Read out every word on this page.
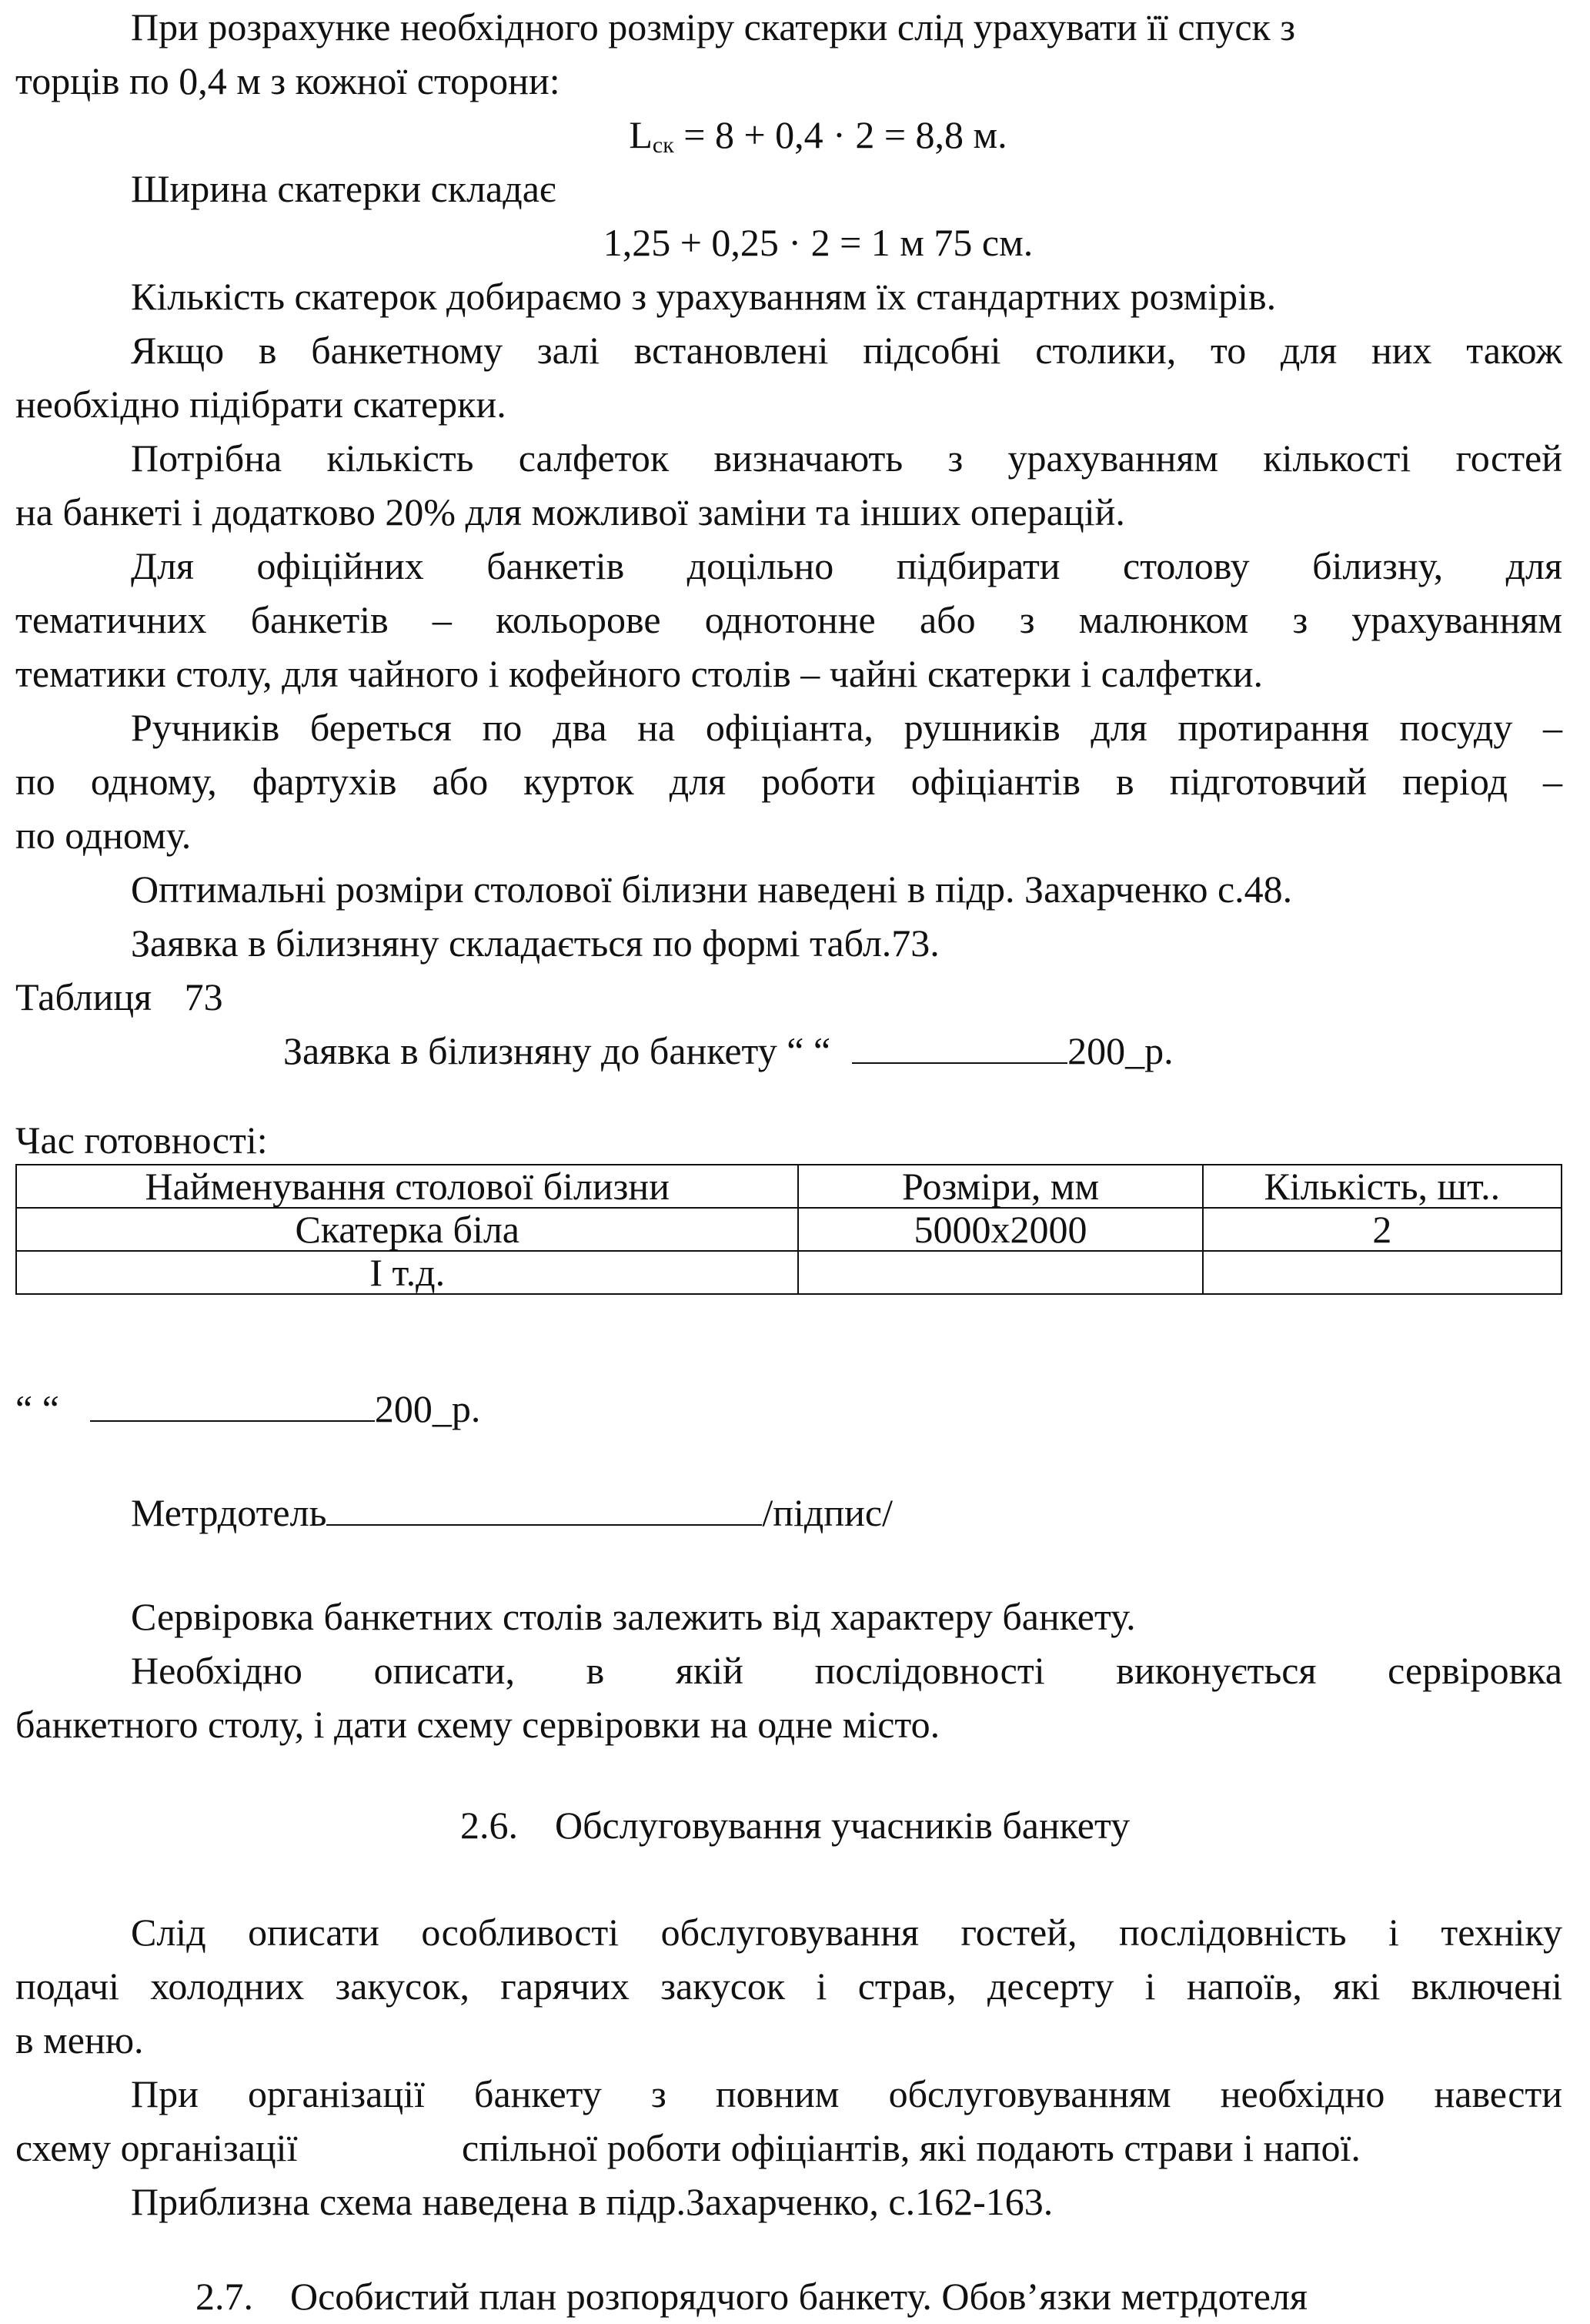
При розрахунке необхідного розміру скатерки слід урахувати її спуск з
торців по 0,4 м з кожної сторони:
$L_{ск} = 8 + 0,4 \cdot 2 = 8,8$ м.
Ширина скатерки складає
1,25 + 0,25 · 2 = 1 м 75 см.
Кількість скатерок добираємо з урахуванням їх стандартних розмірів.
Якщо в банкетному залі встановлені підсобні столики, то для них також
необхідно підібрати скатерки.
Потрібна кількість салфеток визначають з урахуванням кількості гостей
на банкеті і додатково 20% для можливої заміни та інших операцій.
Для офіційних банкетів доцільно підбирати столову білизну, для
тематичних банкетів – кольорове однотонне або з малюнком з урахуванням
тематики столу, для чайного і кофейного столів – чайні скатерки і салфетки.
Ручників береться по два на офіціанта, рушників для протирання посуду –
по одному, фартухів або курток для роботи офіціантів в підготовчий період –
по одному.
Оптимальні розміри столової білизни наведені в підр. Захарченко с.48.
Заявка в білизняну складається по формі табл.73.
Таблиця 73
Заявка в білизняну до банкету “ “	200_р.
Час готовності:
Найменування столової білизни	Розміри, мм	Кількість, шт..
Скатерка біла	5000х2000	2
І т.д.		
“ “	200_р.
Метрдотель	/підпис/
Сервіровка банкетних столів залежить від характеру банкету.
Необхідно описати, в якій послідовності виконується сервіровка
банкетного столу, і дати схему сервіровки на одне місто.
2.6. Обслуговування учасників банкету
Слід описати особливості обслуговування гостей, послідовність і техніку
подачі холодних закусок, гарячих закусок і страв, десерту і напоїв, які включені
в меню.
При організації банкету з повним обслуговуванням необхідно навести
схему організації	спільної роботи офіціантів, які подають страви і напої.
Приблизна схема наведена в підр.Захарченко, с.162-163.
2.7. Особистий план розпорядчого банкету. Обов’язки метрдотеля
